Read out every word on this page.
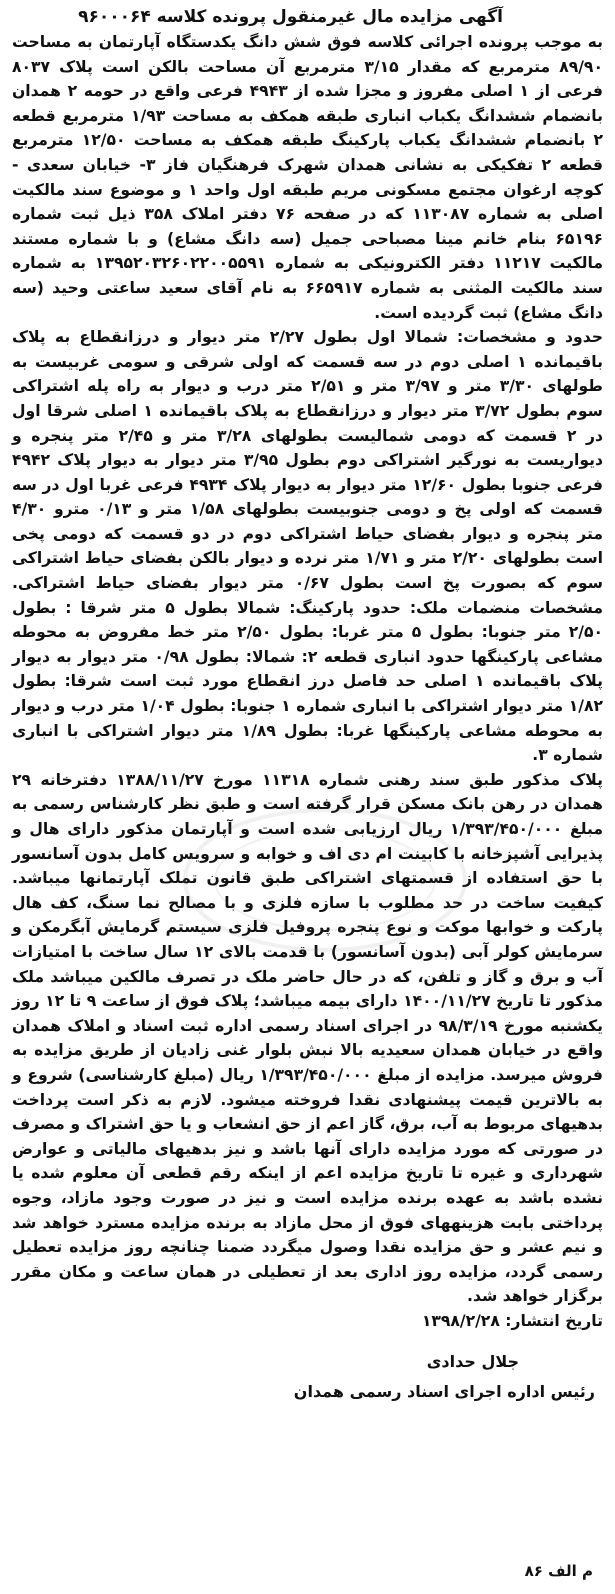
آگهی مزایده مال غیرمنقول پرونده کلاسه ۹۶۰۰۰۶۴

به موجب پرونده اجرائی کلاسه فوق شش دانگ یکدستگاه آپارتمان به مساحت ۸۹/۹۰ مترمربع که مقدار ۳/۱۵ مترمربع آن مساحت بالکن است پلاک ۸۰۳۷ فرعی از ۱ اصلی مفروز و مجزا شده از ۴۹۴۳ فرعی واقع در حومه ۲ همدان بانضمام ششدانگ یکباب انباری طبقه همکف به مساحت ۱/۹۳ مترمربع قطعه ۲ بانضمام ششدانگ یکباب پارکینگ طبقه همکف به مساحت ۱۲/۵۰ مترمربع قطعه ۲ تفکیکی به نشانی همدان شهرک فرهنگیان فاز ۳- خیابان سعدی - کوچه ارغوان مجتمع مسکونی مریم طبقه اول واحد ۱ و موضوع سند مالکیت اصلی به شماره ۱۱۳۰۸۷ که در صفحه ۷۶ دفتر املاک ۳۵۸ ذیل ثبت شماره ۶۵۱۹۶ بنام خانم مینا مصباحی جمیل (سه دانگ مشاع) و با شماره مستند مالکیت ۱۱۲۱۷ دفتر الکترونیکی به شماره ۱۳۹۵۲۰۳۲۶۰۲۲۰۰۵۵۹۱ به شماره سند مالکیت المثنی به شماره ۶۶۵۹۱۷ به نام آقای سعید ساعتی وحید (سه دانگ مشاع) ثبت گردیده است.

حدود و مشخصات: شمالا اول بطول ۲/۲۷ متر دیوار و درزانقطاع به پلاک باقیمانده ۱ اصلی دوم در سه قسمت که اولی شرقی و سومی غربیست به طولهای ۳/۳۰ متر و ۳/۹۷ متر و ۲/۵۱ متر درب و دیوار به راه پله اشتراکی سوم بطول ۳/۷۲ متر دیوار و درزانقطاع به پلاک باقیمانده ۱ اصلی شرقا اول در ۲ قسمت که دومی شمالیست بطولهای ۳/۲۸ متر و ۲/۴۵ متر پنجره و دیواریست به نورگیر اشتراکی دوم بطول ۳/۹۵ متر دیوار به دیوار پلاک ۴۹۴۲ فرعی جنوبا بطول ۱۲/۶۰ متر دیوار به دیوار پلاک ۴۹۳۴ فرعی غربا اول در سه قسمت که اولی پخ و دومی جنوبیست بطولهای ۱/۵۸ متر و ۰/۱۳ مترو ۴/۳۰ متر پنجره و دیوار بفضای حیاط اشتراکی دوم در دو قسمت که دومی پخی است بطولهای ۲/۲۰ متر و ۱/۷۱ متر نرده و دیوار بالکن بفضای حیاط اشتراکی سوم که بصورت پخ است بطول ۰/۶۷ متر دیوار بفضای حیاط اشتراکی. مشخصات منضمات ملک: حدود پارکینگ: شمالا بطول ۵ متر شرقا : بطول ۲/۵۰ متر جنوبا: بطول ۵ متر غربا: بطول ۲/۵۰ متر خط مفروض به محوطه مشاعی پارکینگها حدود انباری قطعه ۲: شمالا: بطول ۰/۹۸ متر دیوار به دیوار پلاک باقیمانده ۱ اصلی حد فاصل درز انقطاع مورد ثبت است شرقا: بطول ۱/۸۲ متر دیوار اشتراکی با انباری شماره ۱ جنوبا: بطول ۱/۰۴ متر درب و دیوار به محوطه مشاعی پارکینگها غربا: بطول ۱/۸۹ متر دیوار اشتراکی با انباری شماره ۳.

پلاک مذکور طبق سند رهنی شماره ۱۱۳۱۸ مورخ ۱۳۸۸/۱۱/۲۷ دفترخانه ۲۹ همدان در رهن بانک مسکن قرار گرفته است و طبق نظر کارشناس رسمی به مبلغ ۱/۳۹۳/۴۵۰/۰۰۰ ریال ارزیابی شده است و آپارتمان مذکور دارای هال و پذیرایی آشپزخانه با کابینت ام دی اف و خوابه و سرویس کامل بدون آسانسور با حق استفاده از قسمتهای اشتراکی طبق قانون تملک آپارتمانها میباشد. کیفیت ساخت در حد مطلوب با سازه فلزی و با مصالح نما سنگ، کف هال پارکت و خوابها موکت و نوع پنجره پروفیل فلزی سیستم گرمایش آبگرمکن و سرمایش کولر آبی (بدون آسانسور) با قدمت بالای ۱۲ سال ساخت با امتیازات آب و برق و گاز و تلفن، که در حال حاضر ملک در تصرف مالکین میباشد ملک مذکور تا تاریخ ۱۴۰۰/۱۱/۲۷ دارای بیمه میباشد؛ پلاک فوق از ساعت ۹ تا ۱۲ روز یکشنبه مورخ ۹۸/۳/۱۹ در اجرای اسناد رسمی اداره ثبت اسناد و املاک همدان واقع در خیابان همدان سعیدیه بالا نبش بلوار غنی زادیان از طریق مزایده به فروش میرسد. مزایده از مبلغ ۱/۳۹۳/۴۵۰/۰۰۰ ریال (مبلغ کارشناسی) شروع و به بالاترین قیمت پیشنهادی نقدا فروخته میشود. لازم به ذکر است پرداخت بدهیهای مربوط به آب، برق، گاز اعم از حق انشعاب و یا حق اشتراک و مصرف در صورتی که مورد مزایده دارای آنها باشد و نیز بدهیهای مالیاتی و عوارض شهرداری و غیره تا تاریخ مزایده اعم از اینکه رقم قطعی آن معلوم شده یا نشده باشد به عهده برنده مزایده است و نیز در صورت وجود مازاد، وجوه پرداختی بابت هزینههای فوق از محل مازاد به برنده مزایده مسترد خواهد شد و نیم عشر و حق مزایده نقدا وصول میگردد ضمنا چنانچه روز مزایده تعطیل رسمی گردد، مزایده روز اداری بعد از تعطیلی در همان ساعت و مکان مقرر برگزار خواهد شد.

تاریخ انتشار: ۱۳۹۸/۲/۲۸

جلال حدادی
رئیس اداره اجرای اسناد رسمی همدان
م الف ۸۶
